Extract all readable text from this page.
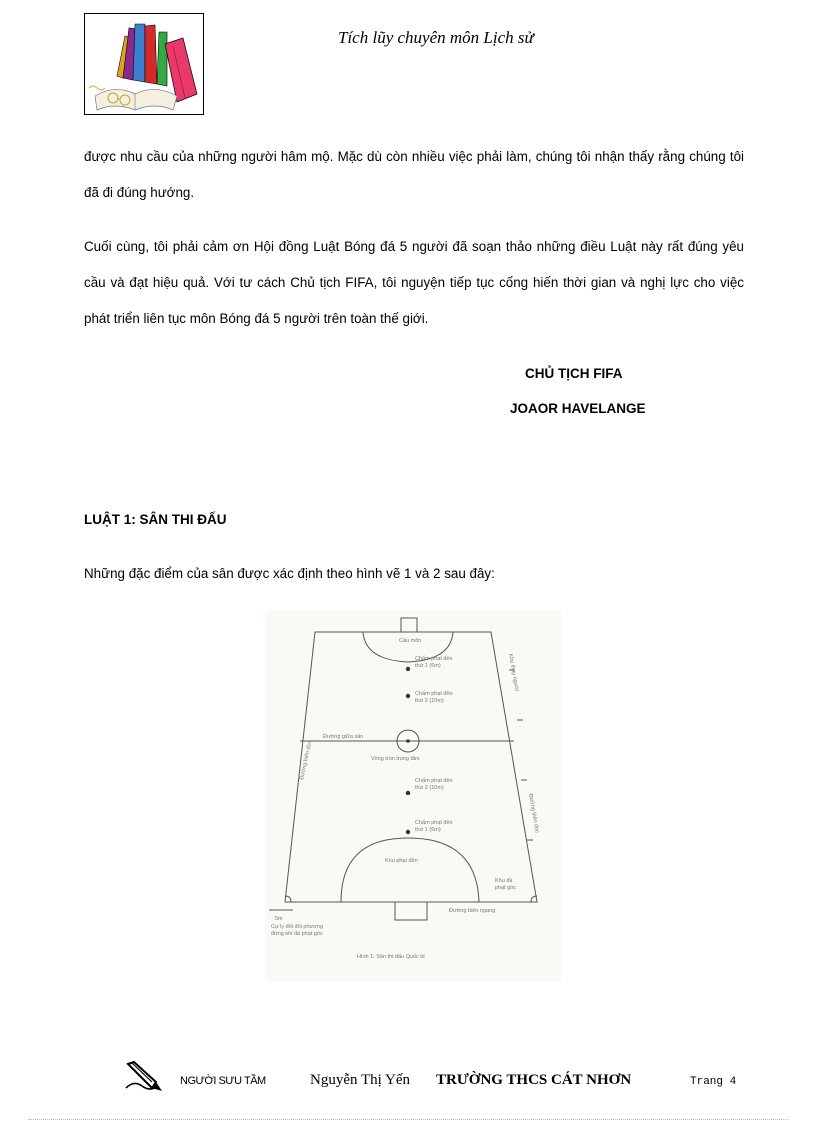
Tích lũy chuyên môn Lịch sử

được nhu cầu của những người hâm mộ. Mặc dù còn nhiều việc phải làm, chúng tôi nhận thấy rằng chúng tôi đã đi đúng hướng.

Cuối cùng, tôi phải cảm ơn Hội đồng Luật Bóng đá 5 người đã soạn thảo những điều Luật này rất đúng yêu cầu và đạt hiệu quả. Với tư cách Chủ tịch FIFA, tôi nguyện tiếp tục cống hiến thời gian và nghị lực cho việc phát triển liên tục môn Bóng đá 5 người trên toàn thế giới.

CHỦ TỊCH FIFA
JOAOR HAVELANGE
LUẬT 1: SÂN THI ĐẤU
Những đặc điểm của sân được xác định theo hình vẽ 1 và 2 sau đây:
Cầu môn
Chấm phạt đền
thứ 1 (6m)
Chấm phạt đền
thứ 2 (10m)
Đường giữa sân
Vòng tròn trung tâm
Chấm phạt đền
thứ 2 (10m)
Chấm phạt đền
thứ 1 (6m)
Khu phạt đền
Khu đá
phạt góc
Đường biên ngang
5m
Cự ly đối đối phương
đứng khi đá phạt góc
Hình 1: Sân thi đấu Quốc tế
Đường biên dọc
Khu thay người
Đường biên dọc
NGƯỜI SƯU TẦM	Nguyễn Thị Yến TRƯỜNG THCS CÁT NHƠN	Trang 4
